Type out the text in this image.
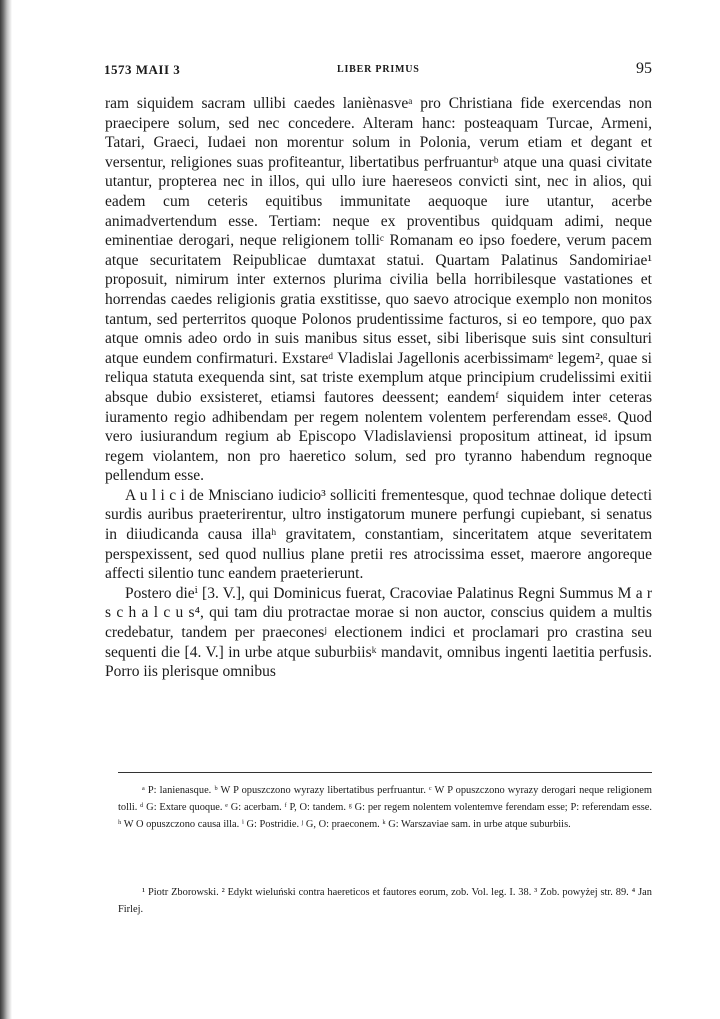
1573 MAII 3	LIBER PRIMUS	95

ram siquidem sacram ullibi caedes laniènasveᵃ pro Christiana fide exercendas non praecipere solum, sed nec concedere. Alteram hanc: posteaquam Turcae, Armeni, Tatari, Graeci, Iudaei non morentur solum in Polonia, verum etiam et degant et versentur, religiones suas profiteantur, libertatibus perfruanturᵇ atque una quasi civitate utantur, propterea nec in illos, qui ullo iure haereseos convicti sint, nec in alios, qui eadem cum ceteris equitibus immunitate aequoque iure utantur, acerbe animadvertendum esse. Tertiam: neque ex proventibus quidquam adimi, neque eminentiae derogari, neque religionem tolliᶜ Romanam eo ipso foedere, verum pacem atque securitatem Reipublicae dumtaxat statui. Quartam Palatinus Sandomiriae¹ proposuit, nimirum inter externos plurima civilia bella horribilesque vastationes et horrendas caedes religionis gratia exstitisse, quo saevo atrocique exemplo non monitos tantum, sed perterritos quoque Polonos prudentissime facturos, si eo tempore, quo pax atque omnis adeo ordo in suis manibus situs esset, sibi liberisque suis sint consulturi atque eundem confirmaturi. Exstareᵈ Vladislai Jagellonis acerbissimamᵉ legem², quae si reliqua statuta exequenda sint, sat triste exemplum atque principium crudelissimi exitii absque dubio exsisteret, etiamsi fautores deessent; eandemᶠ siquidem inter ceteras iuramento regio adhibendam per regem nolentem volentem perferendam esseᵍ. Quod vero iusiurandum regium ab Episcopo Vladislaviensi propositum attineat, id ipsum regem violantem, non pro haeretico solum, sed pro tyranno habendum regnoque pellendum esse.

A u l i c i de Mnisciano iudicio³ solliciti frementesque, quod technae dolique detecti surdis auribus praeterirentur, ultro instigatorum munere perfungi cupiebant, si senatus in diiudicanda causa illaʰ gravitatem, constantiam, sinceritatem atque severitatem perspexissent, sed quod nullius plane pretii res atrocissima esset, maerore angoreque affecti silentio tunc eandem praeterierunt.

Postero dieⁱ [3. V.], qui Dominicus fuerat, Cracoviae Palatinus Regni Summus M a r s c h a l c u s⁴, qui tam diu protractae morae si non auctor, conscius quidem a multis credebatur, tandem per praeconesʲ electionem indici et proclamari pro crastina seu sequenti die [4. V.] in urbe atque suburbiisᵏ mandavit, omnibus ingenti laetitia perfusis. Porro iis plerisque omnibus

ᵃ P: lanienasque. ᵇ W P opuszczono wyrazy libertatibus perfruantur. ᶜ W P opuszczono wyrazy derogari neque religionem tolli. ᵈ G: Extare quoque. ᵉ G: acerbam. ᶠ P, O: tandem. ᵍ G: per regem nolentem volentemve ferendam esse; P: referendam esse. ʰ W O opuszczono causa illa. ⁱ G: Postridie. ʲ G, O: praeconem. ᵏ G: Warszaviae sam. in urbe atque suburbiis.

¹ Piotr Zborowski. ² Edykt wieluński contra haereticos et fautores eorum, zob. Vol. leg. I. 38. ³ Zob. powyżej str. 89. ⁴ Jan Firlej.
